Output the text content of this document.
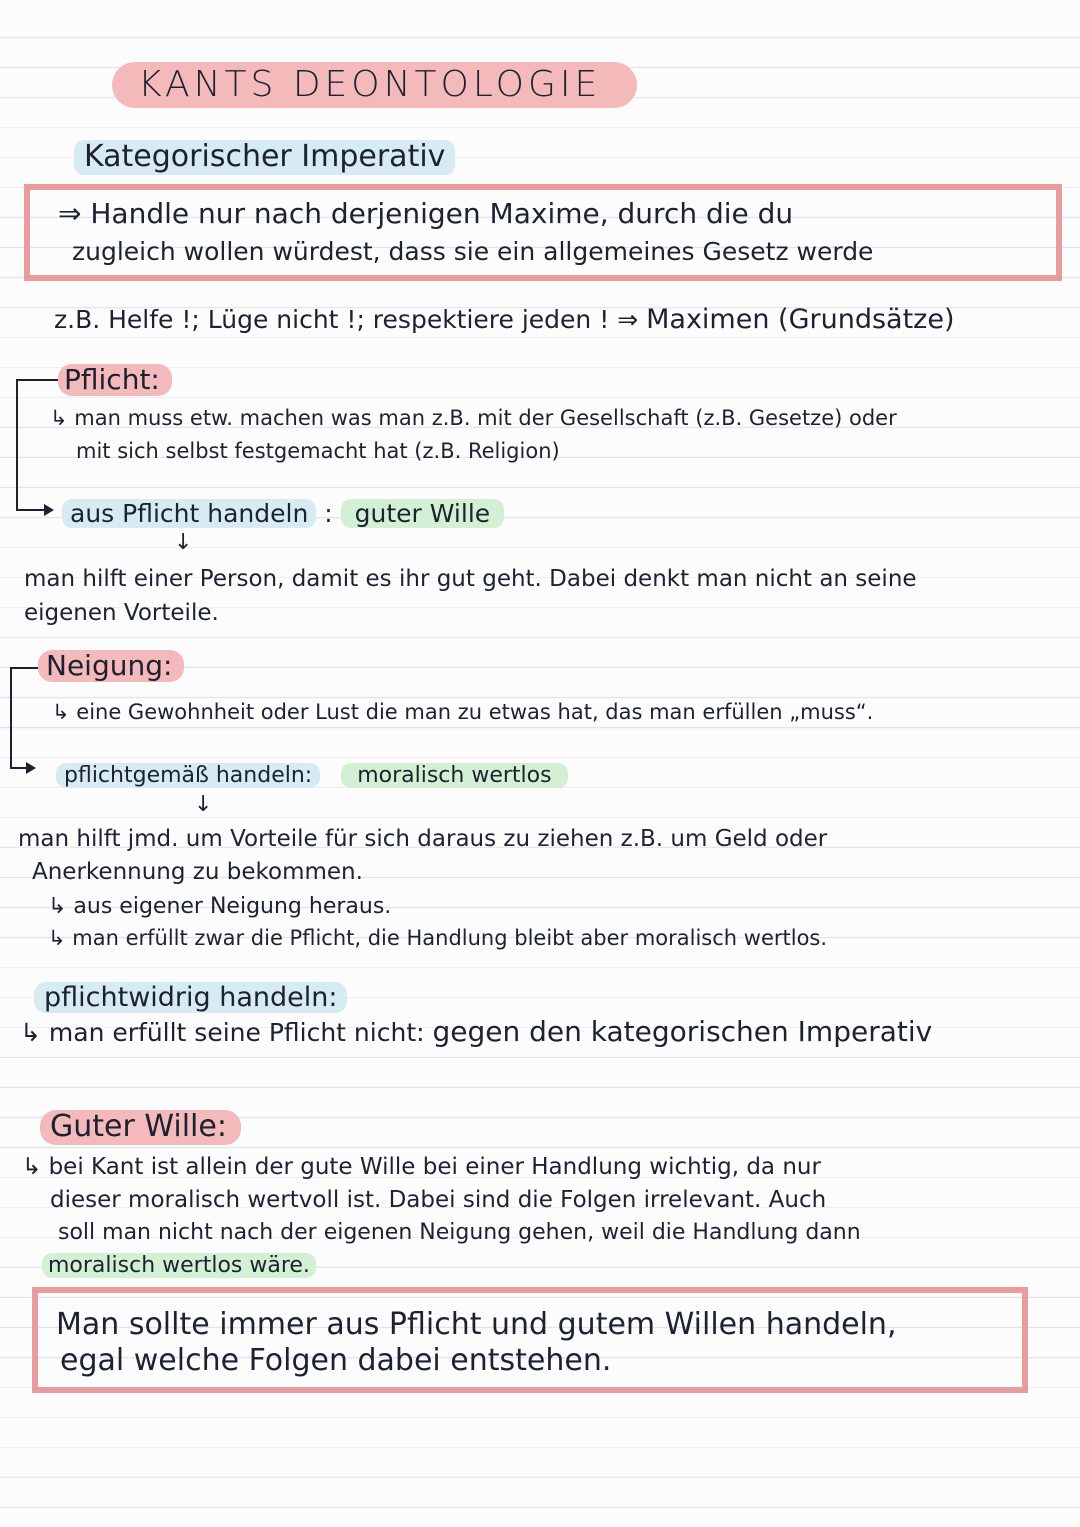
KANTS DEONTOLOGIE
Kategorischer Imperativ
⇒ Handle nur nach derjenigen Maxime, durch die du
zugleich wollen würdest, dass sie ein allgemeines Gesetz werde
z.B. Helfe !; Lüge nicht !; respektiere jeden ! ⇒ Maximen (Grundsätze)
Pflicht:
↳ man muss etw. machen was man z.B. mit der Gesellschaft (z.B. Gesetze) oder
mit sich selbst festgemacht hat (z.B. Religion)
aus Pflicht handeln : guter Wille
↓
man hilft einer Person, damit es ihr gut geht. Dabei denkt man nicht an seine
eigenen Vorteile.
Neigung:
↳ eine Gewohnheit oder Lust die man zu etwas hat, das man erfüllen „muss“.
pflichtgemäß handeln: moralisch wertlos
↓
man hilft jmd. um Vorteile für sich daraus zu ziehen z.B. um Geld oder
Anerkennung zu bekommen.
↳ aus eigener Neigung heraus.
↳ man erfüllt zwar die Pflicht, die Handlung bleibt aber moralisch wertlos.
pflichtwidrig handeln:
↳ man erfüllt seine Pflicht nicht: gegen den kategorischen Imperativ
Guter Wille:
↳ bei Kant ist allein der gute Wille bei einer Handlung wichtig, da nur
dieser moralisch wertvoll ist. Dabei sind die Folgen irrelevant. Auch
soll man nicht nach der eigenen Neigung gehen, weil die Handlung dann
moralisch wertlos wäre.
Man sollte immer aus Pflicht und gutem Willen handeln,
egal welche Folgen dabei entstehen.
